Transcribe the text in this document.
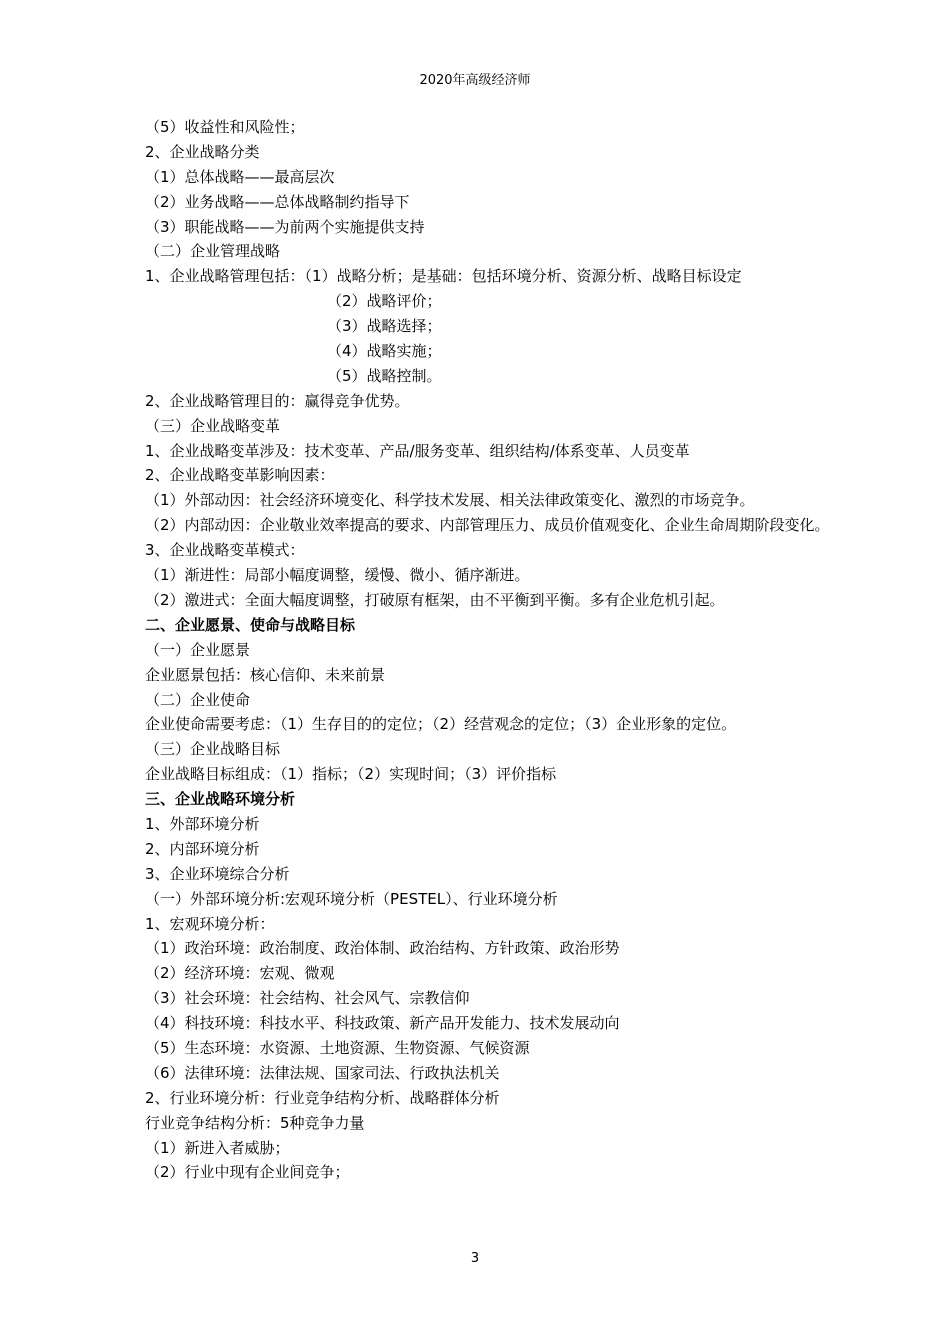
2020年高级经济师
（5）收益性和风险性；
2、企业战略分类
（1）总体战略——最高层次
（2）业务战略——总体战略制约指导下
（3）职能战略——为前两个实施提供支持
（二）企业管理战略
1、企业战略管理包括：（1）战略分析；是基础：包括环境分析、资源分析、战略目标设定
（2）战略评价；
（3）战略选择；
（4）战略实施；
（5）战略控制。
2、企业战略管理目的：赢得竞争优势。
（三）企业战略变革
1、企业战略变革涉及：技术变革、产品/服务变革、组织结构/体系变革、人员变革
2、企业战略变革影响因素：
（1）外部动因：社会经济环境变化、科学技术发展、相关法律政策变化、激烈的市场竞争。
（2）内部动因：企业敬业效率提高的要求、内部管理压力、成员价值观变化、企业生命周期阶段变化。
3、企业战略变革模式：
（1）渐进性：局部小幅度调整，缓慢、微小、循序渐进。
（2）激进式：全面大幅度调整，打破原有框架，由不平衡到平衡。多有企业危机引起。
二、企业愿景、使命与战略目标
（一）企业愿景
企业愿景包括：核心信仰、未来前景
（二）企业使命
企业使命需要考虑：（1）生存目的的定位；（2）经营观念的定位；（3）企业形象的定位。
（三）企业战略目标
企业战略目标组成：（1）指标；（2）实现时间；（3）评价指标
三、企业战略环境分析
1、外部环境分析
2、内部环境分析
3、企业环境综合分析
（一）外部环境分析:宏观环境分析（PESTEL）、行业环境分析
1、宏观环境分析：
（1）政治环境：政治制度、政治体制、政治结构、方针政策、政治形势
（2）经济环境：宏观、微观
（3）社会环境：社会结构、社会风气、宗教信仰
（4）科技环境：科技水平、科技政策、新产品开发能力、技术发展动向
（5）生态环境：水资源、土地资源、生物资源、气候资源
（6）法律环境：法律法规、国家司法、行政执法机关
2、行业环境分析：行业竞争结构分析、战略群体分析
行业竞争结构分析：5种竞争力量
（1）新进入者威胁；
（2）行业中现有企业间竞争；
3
